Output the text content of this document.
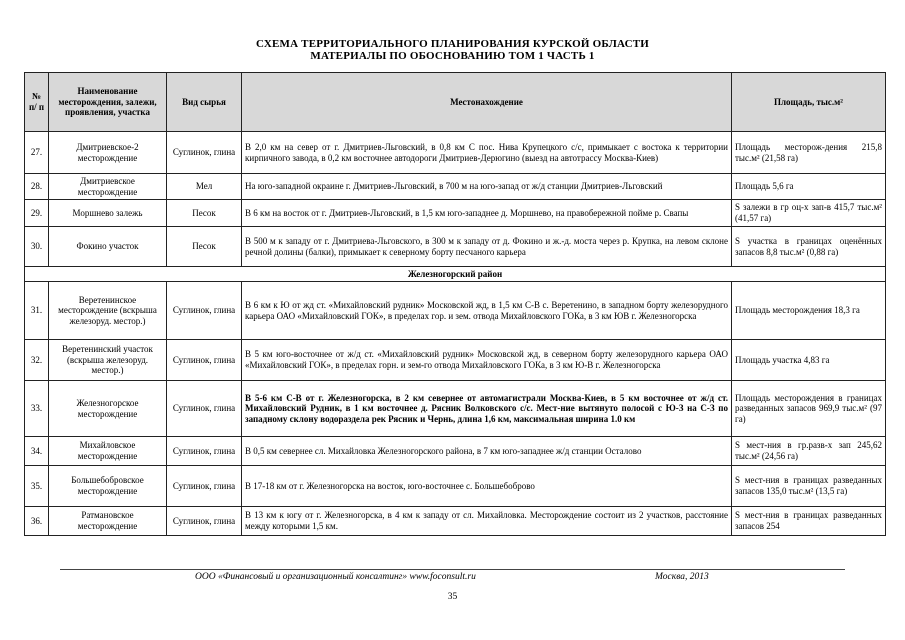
СХЕМА ТЕРРИТОРИАЛЬНОГО ПЛАНИРОВАНИЯ КУРСКОЙ ОБЛАСТИ
МАТЕРИАЛЫ ПО ОБОСНОВАНИЮ ТОМ 1 ЧАСТЬ 1
№ п/ п	Наименование месторождения, залежи, проявления, участка	Вид сырья	Местонахождение	Площадь, тыс.м²
27.	Дмитриевское-2 месторождение	Суглинок, глина	В 2,0 км на север от г. Дмитриев-Льговский, в 0,8 км С пос. Нива Крупецкого с/с, примыкает с востока к территории кирпичного завода, в 0,2 км восточнее автодороги Дмитриев-Дерюгино (выезд на автотрассу Москва-Киев)	Площадь месторож-дения 215,8 тыс.м² (21,58 га)
28.	Дмитриевское месторождение	Мел	На юго-западной окраине г. Дмитриев-Льговский, в 700 м на юго-запад от ж/д станции Дмитриев-Льговский	Площадь 5,6 га
29.	Моршнево залежь	Песок	В 6 км на восток от г. Дмитриев-Льговский, в 1,5 км юго-западнее д. Моршнево, на правобережной пойме р. Свапы	S залежи в гр оц-х зап-в 415,7 тыс.м² (41,57 га)
30.	Фокино участок	Песок	В 500 м к западу от г. Дмитриева-Льговского, в 300 м к западу от д. Фокино и ж.-д. моста через р. Крупка, на левом склоне речной долины (балки), примыкает к северному борту песчаного карьера	S участка в границах оценённых запасов 8,8 тыс.м² (0,88 га)
Железногорский район				
31.	Веретенинское месторождение (вскрыша железоруд. местор.)	Суглинок, глина	В 6 км к Ю от жд ст. «Михайловский рудник» Московской жд, в 1,5 км С-В с. Веретенино, в западном борту железорудного карьера ОАО «Михайловский ГОК», в пределах гор. и зем. отвода Михайловского ГОКа, в 3 км ЮВ г. Железногорска	Площадь месторождения 18,3 га
32.	Веретенинский участок (вскрыша железоруд. местор.)	Суглинок, глина	В 5 км юго-восточнее от ж/д ст. «Михайловский рудник» Московской жд, в северном борту железорудного карьера ОАО «Михайловский ГОК», в пределах горн. и зем-го отвода Михайловского ГОКа, в 3 км Ю-В г. Железногорска	Площадь участка 4,83 га
33.	Железногорское месторождение	Суглинок, глина	В 5-6 км С-В от г. Железногорска, в 2 км севернее от автомагистрали Москва-Киев, в 5 км восточнее от ж/д ст. Михайловский Рудник, в 1 км восточнее д. Рясник Волковского с/с. Мест-ние вытянуто полосой с Ю-З на С-З по западному склону водораздела рек Рясник и Чернь, длина 1,6 км, максимальная ширина 1.0 км	Площадь месторождения в границах разведанных запасов 969,9 тыс.м² (97 га)
34.	Михайловское месторождение	Суглинок, глина	В 0,5 км севернее сл. Михайловка Железногорского района, в 7 км юго-западнее ж/д станции Осталово	S мест-ния в гр.разв-х зап 245,62 тыс.м² (24,56 га)
35.	Большебобровское месторождение	Суглинок, глина	В 17-18 км от г. Железногорска на восток, юго-восточнее с. Большебоброво	S мест-ния в границах разведанных запасов 135,0 тыс.м² (13,5 га)
36.	Ратмановское месторождение	Суглинок, глина	В 13 км к югу от г. Железногорска, в 4 км к западу от сл. Михайловка. Месторождение состоит из 2 участков, расстояние между которыми 1,5 км.	S мест-ния в границах разведанных запасов 254
ООО «Финансовый и организационный консалтинг» www.foconsult.ru	Москва, 2013
35
